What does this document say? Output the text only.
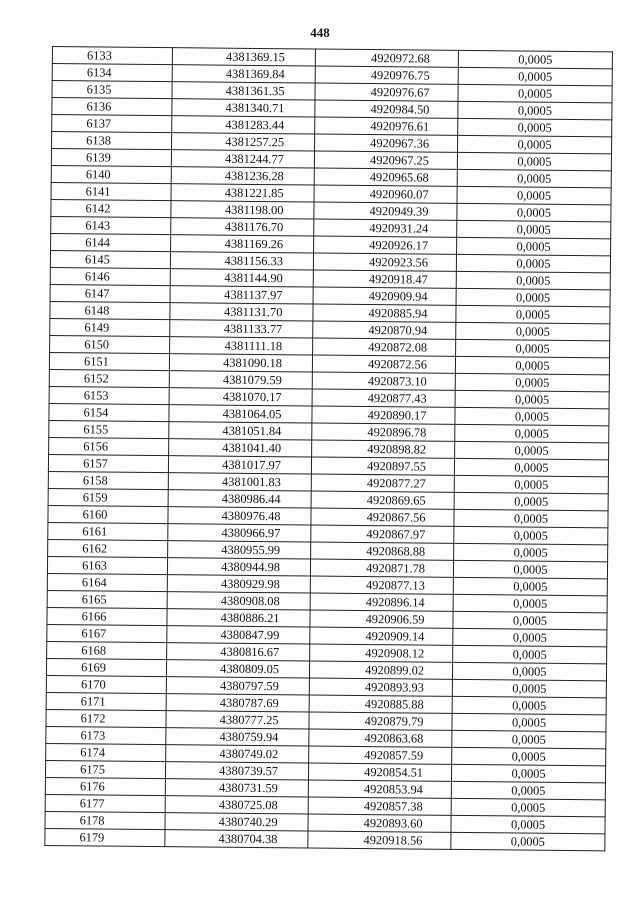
448
6133	4381369.15	4920972.68	0,0005
6134	4381369.84	4920976.75	0,0005
6135	4381361.35	4920976.67	0,0005
6136	4381340.71	4920984.50	0,0005
6137	4381283.44	4920976.61	0,0005
6138	4381257.25	4920967.36	0,0005
6139	4381244.77	4920967.25	0,0005
6140	4381236.28	4920965.68	0,0005
6141	4381221.85	4920960.07	0,0005
6142	4381198.00	4920949.39	0,0005
6143	4381176.70	4920931.24	0,0005
6144	4381169.26	4920926.17	0,0005
6145	4381156.33	4920923.56	0,0005
6146	4381144.90	4920918.47	0,0005
6147	4381137.97	4920909.94	0,0005
6148	4381131.70	4920885.94	0,0005
6149	4381133.77	4920870.94	0,0005
6150	4381111.18	4920872.08	0,0005
6151	4381090.18	4920872.56	0,0005
6152	4381079.59	4920873.10	0,0005
6153	4381070.17	4920877.43	0,0005
6154	4381064.05	4920890.17	0,0005
6155	4381051.84	4920896.78	0,0005
6156	4381041.40	4920898.82	0,0005
6157	4381017.97	4920897.55	0,0005
6158	4381001.83	4920877.27	0,0005
6159	4380986.44	4920869.65	0,0005
6160	4380976.48	4920867.56	0,0005
6161	4380966.97	4920867.97	0,0005
6162	4380955.99	4920868.88	0,0005
6163	4380944.98	4920871.78	0,0005
6164	4380929.98	4920877.13	0,0005
6165	4380908.08	4920896.14	0,0005
6166	4380886.21	4920906.59	0,0005
6167	4380847.99	4920909.14	0,0005
6168	4380816.67	4920908.12	0,0005
6169	4380809.05	4920899.02	0,0005
6170	4380797.59	4920893.93	0,0005
6171	4380787.69	4920885.88	0,0005
6172	4380777.25	4920879.79	0,0005
6173	4380759.94	4920863.68	0,0005
6174	4380749.02	4920857.59	0,0005
6175	4380739.57	4920854.51	0,0005
6176	4380731.59	4920853.94	0,0005
6177	4380725.08	4920857.38	0,0005
6178	4380740.29	4920893.60	0,0005
6179	4380704.38	4920918.56	0,0005
